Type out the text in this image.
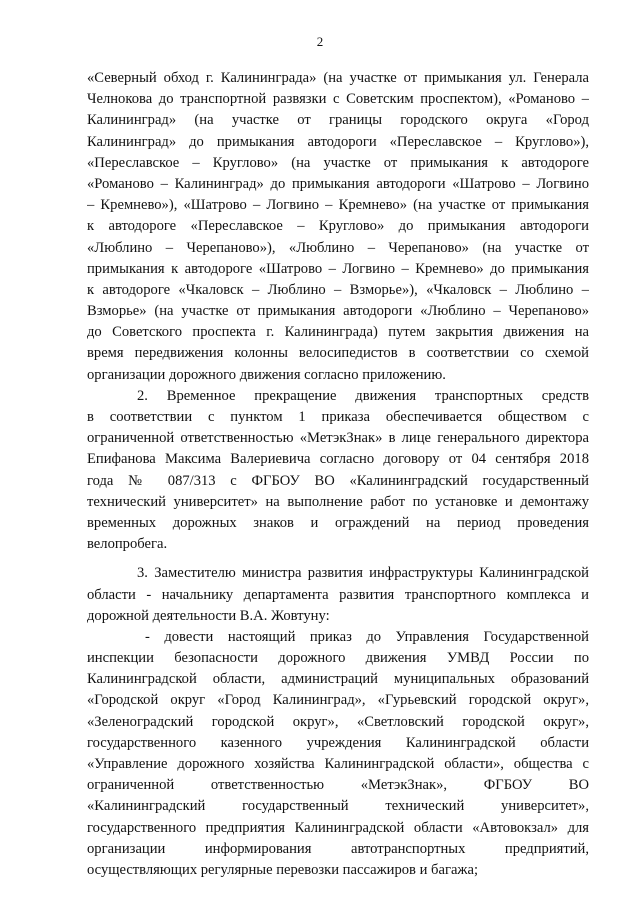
2
«Северный обход г. Калининграда» (на участке от примыкания ул. Генерала
Челнокова до транспортной развязки с Советским проспектом), «Романово –
Калининград» (на участке от границы городского округа «Город
Калининград» до примыкания автодороги «Переславское – Круглово»),
«Переславское – Круглово» (на участке от примыкания к автодороге
«Романово – Калининград» до примыкания автодороги «Шатрово – Логвино
– Кремнево»), «Шатрово – Логвино – Кремнево» (на участке от примыкания
к автодороге «Переславское – Круглово» до примыкания автодороги
«Люблино – Черепаново»), «Люблино – Черепаново» (на участке от
примыкания к автодороге «Шатрово – Логвино – Кремнево» до примыкания
к автодороге «Чкаловск – Люблино – Взморье»), «Чкаловск – Люблино –
Взморье» (на участке от примыкания автодороги «Люблино – Черепаново»
до Советского проспекта г. Калининграда) путем закрытия движения на
время передвижения колонны велосипедистов в соответствии со схемой
организации дорожного движения согласно приложению.
2. Временное прекращение движения транспортных средств
в соответствии с пунктом 1 приказа обеспечивается обществом с
ограниченной ответственностью «МетэкЗнак» в лице генерального директора
Епифанова Максима Валериевича согласно договору от 04 сентября 2018
года № 087/313 с ФГБОУ ВО «Калининградский государственный
технический университет» на выполнение работ по установке и демонтажу
временных дорожных знаков и ограждений на период проведения
велопробега.
3. Заместителю министра развития инфраструктуры Калининградской
области - начальнику департамента развития транспортного комплекса и
дорожной деятельности В.А. Жовтуну:
- довести настоящий приказ до Управления Государственной
инспекции безопасности дорожного движения УМВД России по
Калининградской области, администраций муниципальных образований
«Городской округ «Город Калининград», «Гурьевский городской округ»,
«Зеленоградский городской округ», «Светловский городской округ»,
государственного казенного учреждения Калининградской области
«Управление дорожного хозяйства Калининградской области», общества с
ограниченной ответственностью «МетэкЗнак», ФГБОУ ВО
«Калининградский государственный технический университет»,
государственного предприятия Калининградской области «Автовокзал» для
организации информирования автотранспортных предприятий,
осуществляющих регулярные перевозки пассажиров и багажа;
